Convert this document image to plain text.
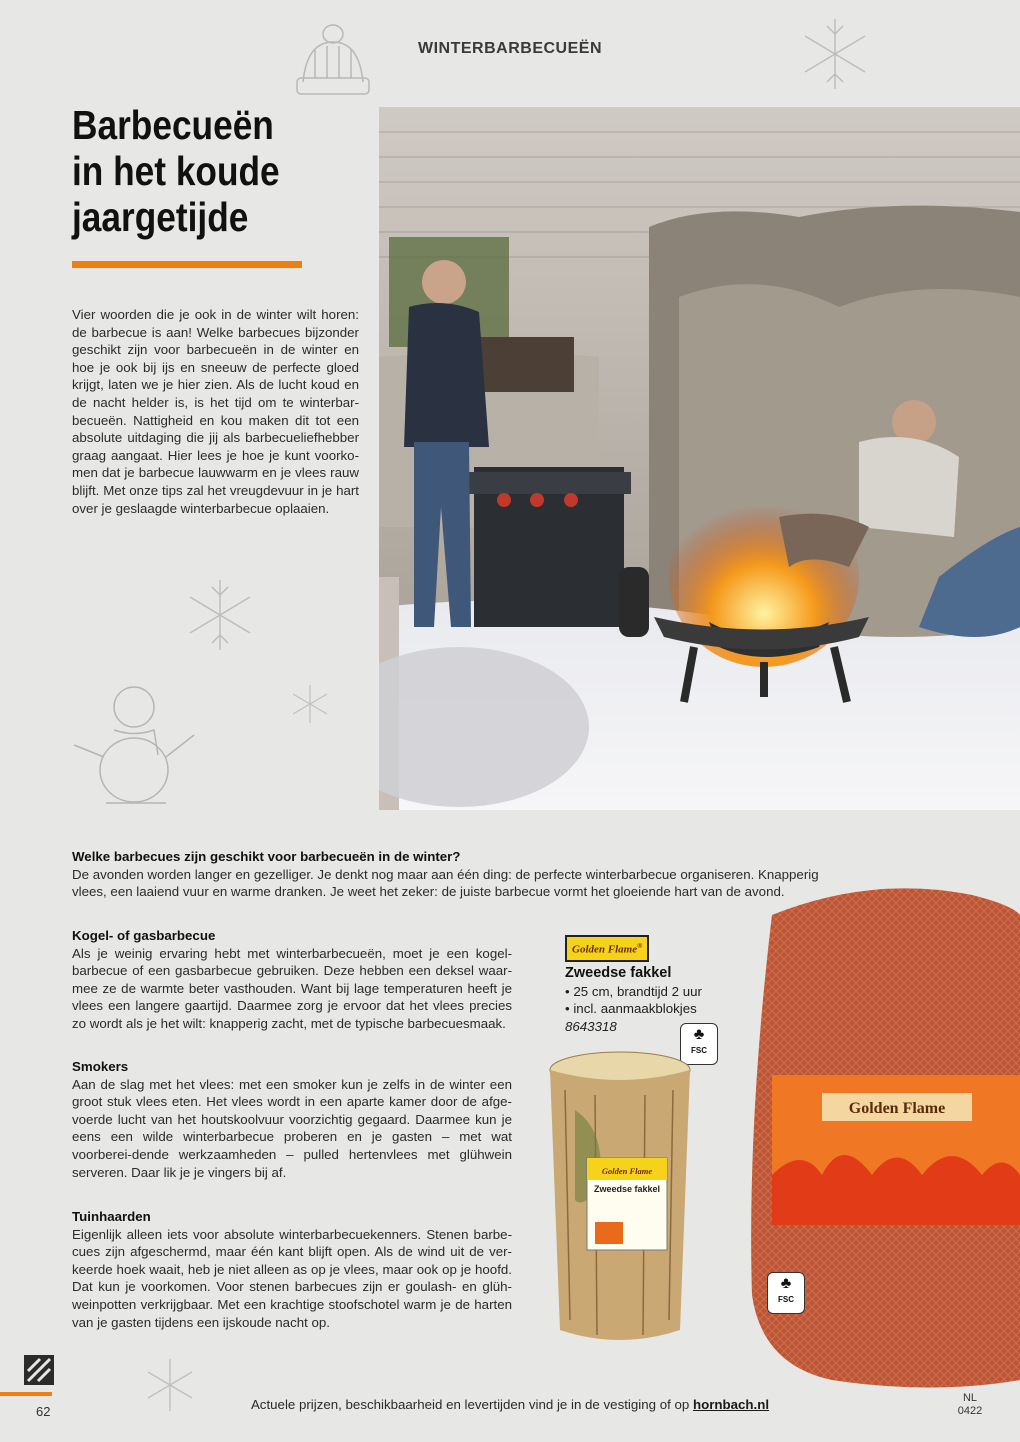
WINTERBARBECUEËN
Barbecueën
in het koude
jaargetijde
Vier woorden die je ook in de winter wilt horen: de barbecue is aan! Welke barbecues bijzonder geschikt zijn voor barbecueën in de winter en hoe je ook bij ijs en sneeuw de perfecte gloed krijgt, laten we je hier zien. Als de lucht koud en de nacht helder is, is het tijd om te winterbar-becueën. Nattigheid en kou maken dit tot een absolute uitdaging die jij als barbecueliefhebber graag aangaat. Hier lees je hoe je kunt voorko-men dat je barbecue lauwwarm en je vlees rauw blijft. Met onze tips zal het vreugdevuur in je hart over je geslaagde winterbarbecue oplaaien.
Welke barbecues zijn geschikt voor barbecueën in de winter?
De avonden worden langer en gezelliger. Je denkt nog maar aan één ding: de perfecte winterbarbecue organiseren. Knapperig vlees, een laaiend vuur en warme dranken. Je weet het zeker: de juiste barbecue vormt het gloeiende hart van de avond.
Kogel- of gasbarbecue
Als je weinig ervaring hebt met winterbarbecueën, moet je een kogel-barbecue of een gasbarbecue gebruiken. Deze hebben een deksel waar-mee ze de warmte beter vasthouden. Want bij lage temperaturen heeft je vlees een langere gaartijd. Daarmee zorg je ervoor dat het vlees precies zo wordt als je het wilt: knapperig zacht, met de typische barbecuesmaak.
Smokers
Aan de slag met het vlees: met een smoker kun je zelfs in de winter een groot stuk vlees eten. Het vlees wordt in een aparte kamer door de afge-voerde lucht van het houtskoolvuur voorzichtig gegaard. Daarmee kun je eens een wilde winterbarbecue proberen en je gasten – met wat voorberei-dende werkzaamheden – pulled hertenvlees met glühwein serveren. Daar lik je je vingers bij af.
Tuinhaarden
Eigenlijk alleen iets voor absolute winterbarbecuekenners. Stenen barbe-cues zijn afgeschermd, maar één kant blijft open. Als de wind uit de ver-keerde hoek waait, heb je niet alleen as op je vlees, maar ook op je hoofd. Dat kun je voorkomen. Voor stenen barbecues zijn er goulash- en glüh-weinpotten verkrijgbaar. Met een krachtige stoofschotel warm je de harten van je gasten tijdens een ijskoude nacht op.
Golden Flame®
Zweedse fakkel
• 25 cm, brandtijd 2 uur
• incl. aanmaakblokjes
8643318	♣
FSC
Golden Flame
♣
FSC
Golden Flame
Zweedse fakkel
62	Actuele prijzen, beschikbaarheid en levertijden vind je in de vestiging of op hornbach.nl	NL
0422
